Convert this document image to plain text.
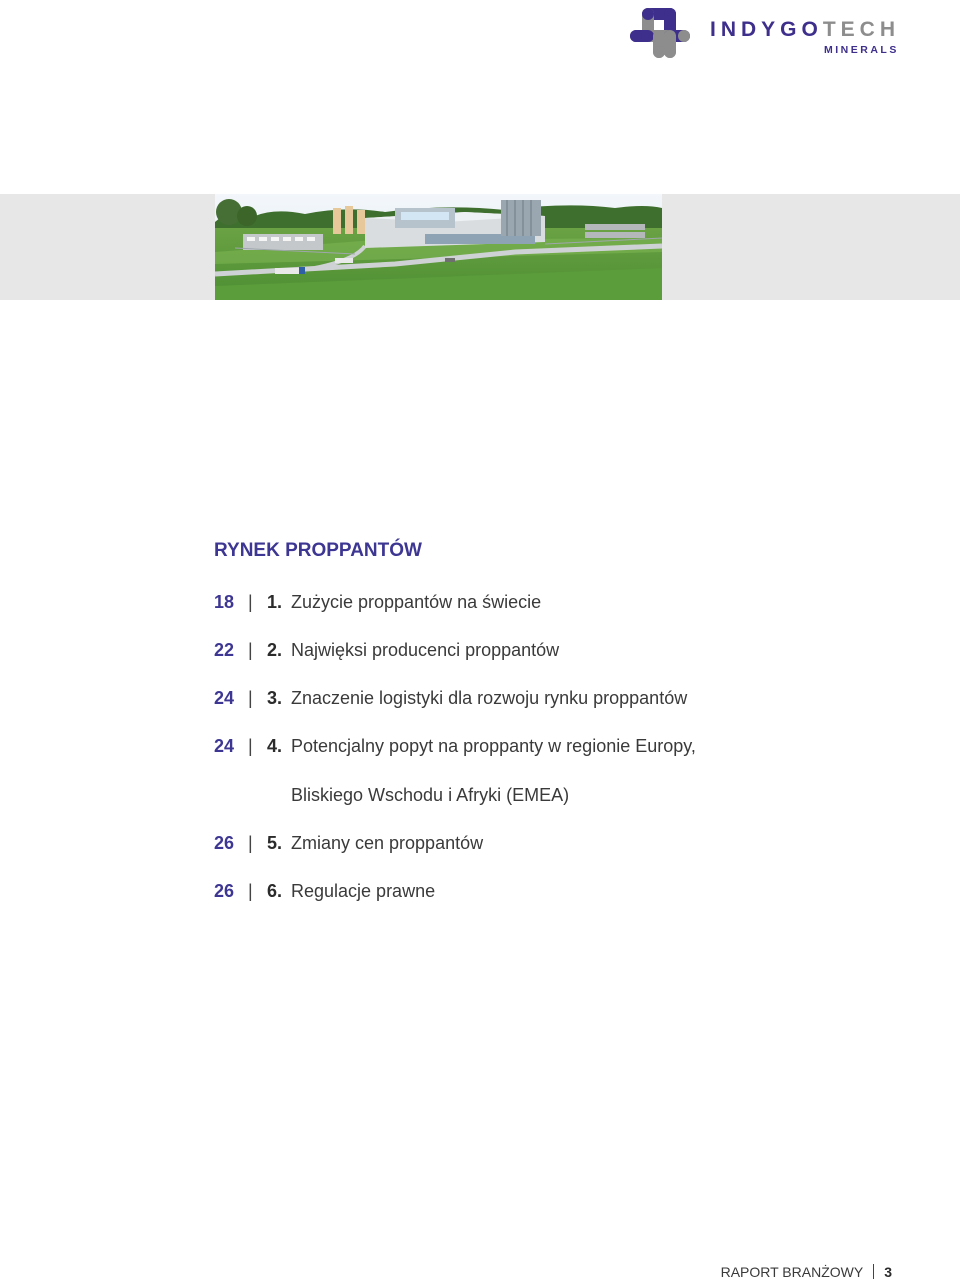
INDYGOTECH
MINERALS
RYNEK PROPPANTÓW
18 | 1. Zużycie proppantów na świecie
22 | 2. Najwięksi producenci proppantów
24 | 3. Znaczenie logistyki dla rozwoju rynku proppantów
24 | 4. Potencjalny popyt na proppanty w regionie Europy,
Bliskiego Wschodu i Afryki (EMEA)
26 | 5. Zmiany cen proppantów
26 | 6. Regulacje prawne
RAPORT BRANŻOWY 3
